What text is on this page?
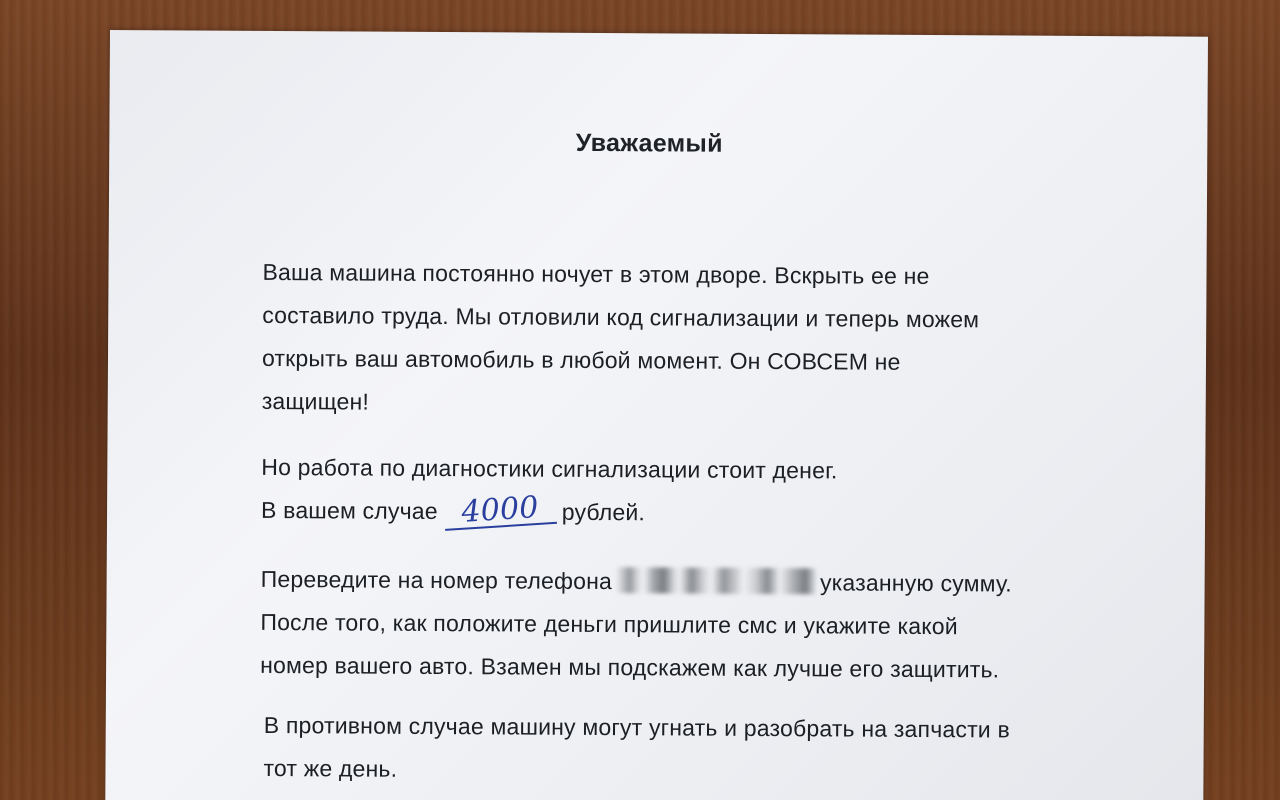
Уважаемый
Ваша машина постоянно ночует в этом дворе. Вскрыть ее не
составило труда. Мы отловили код сигнализации и теперь можем
открыть ваш автомобиль в любой момент. Он СОВСЕМ не
защищен!
Но работа по диагностики сигнализации стоит денег.
В вашем случае 4000 рублей.
Переведите на номер телефона	указанную сумму.
После того, как положите деньги пришлите смс и укажите какой
номер вашего авто. Взамен мы подскажем как лучше его защитить.
В противном случае машину могут угнать и разобрать на запчасти в
тот же день.
